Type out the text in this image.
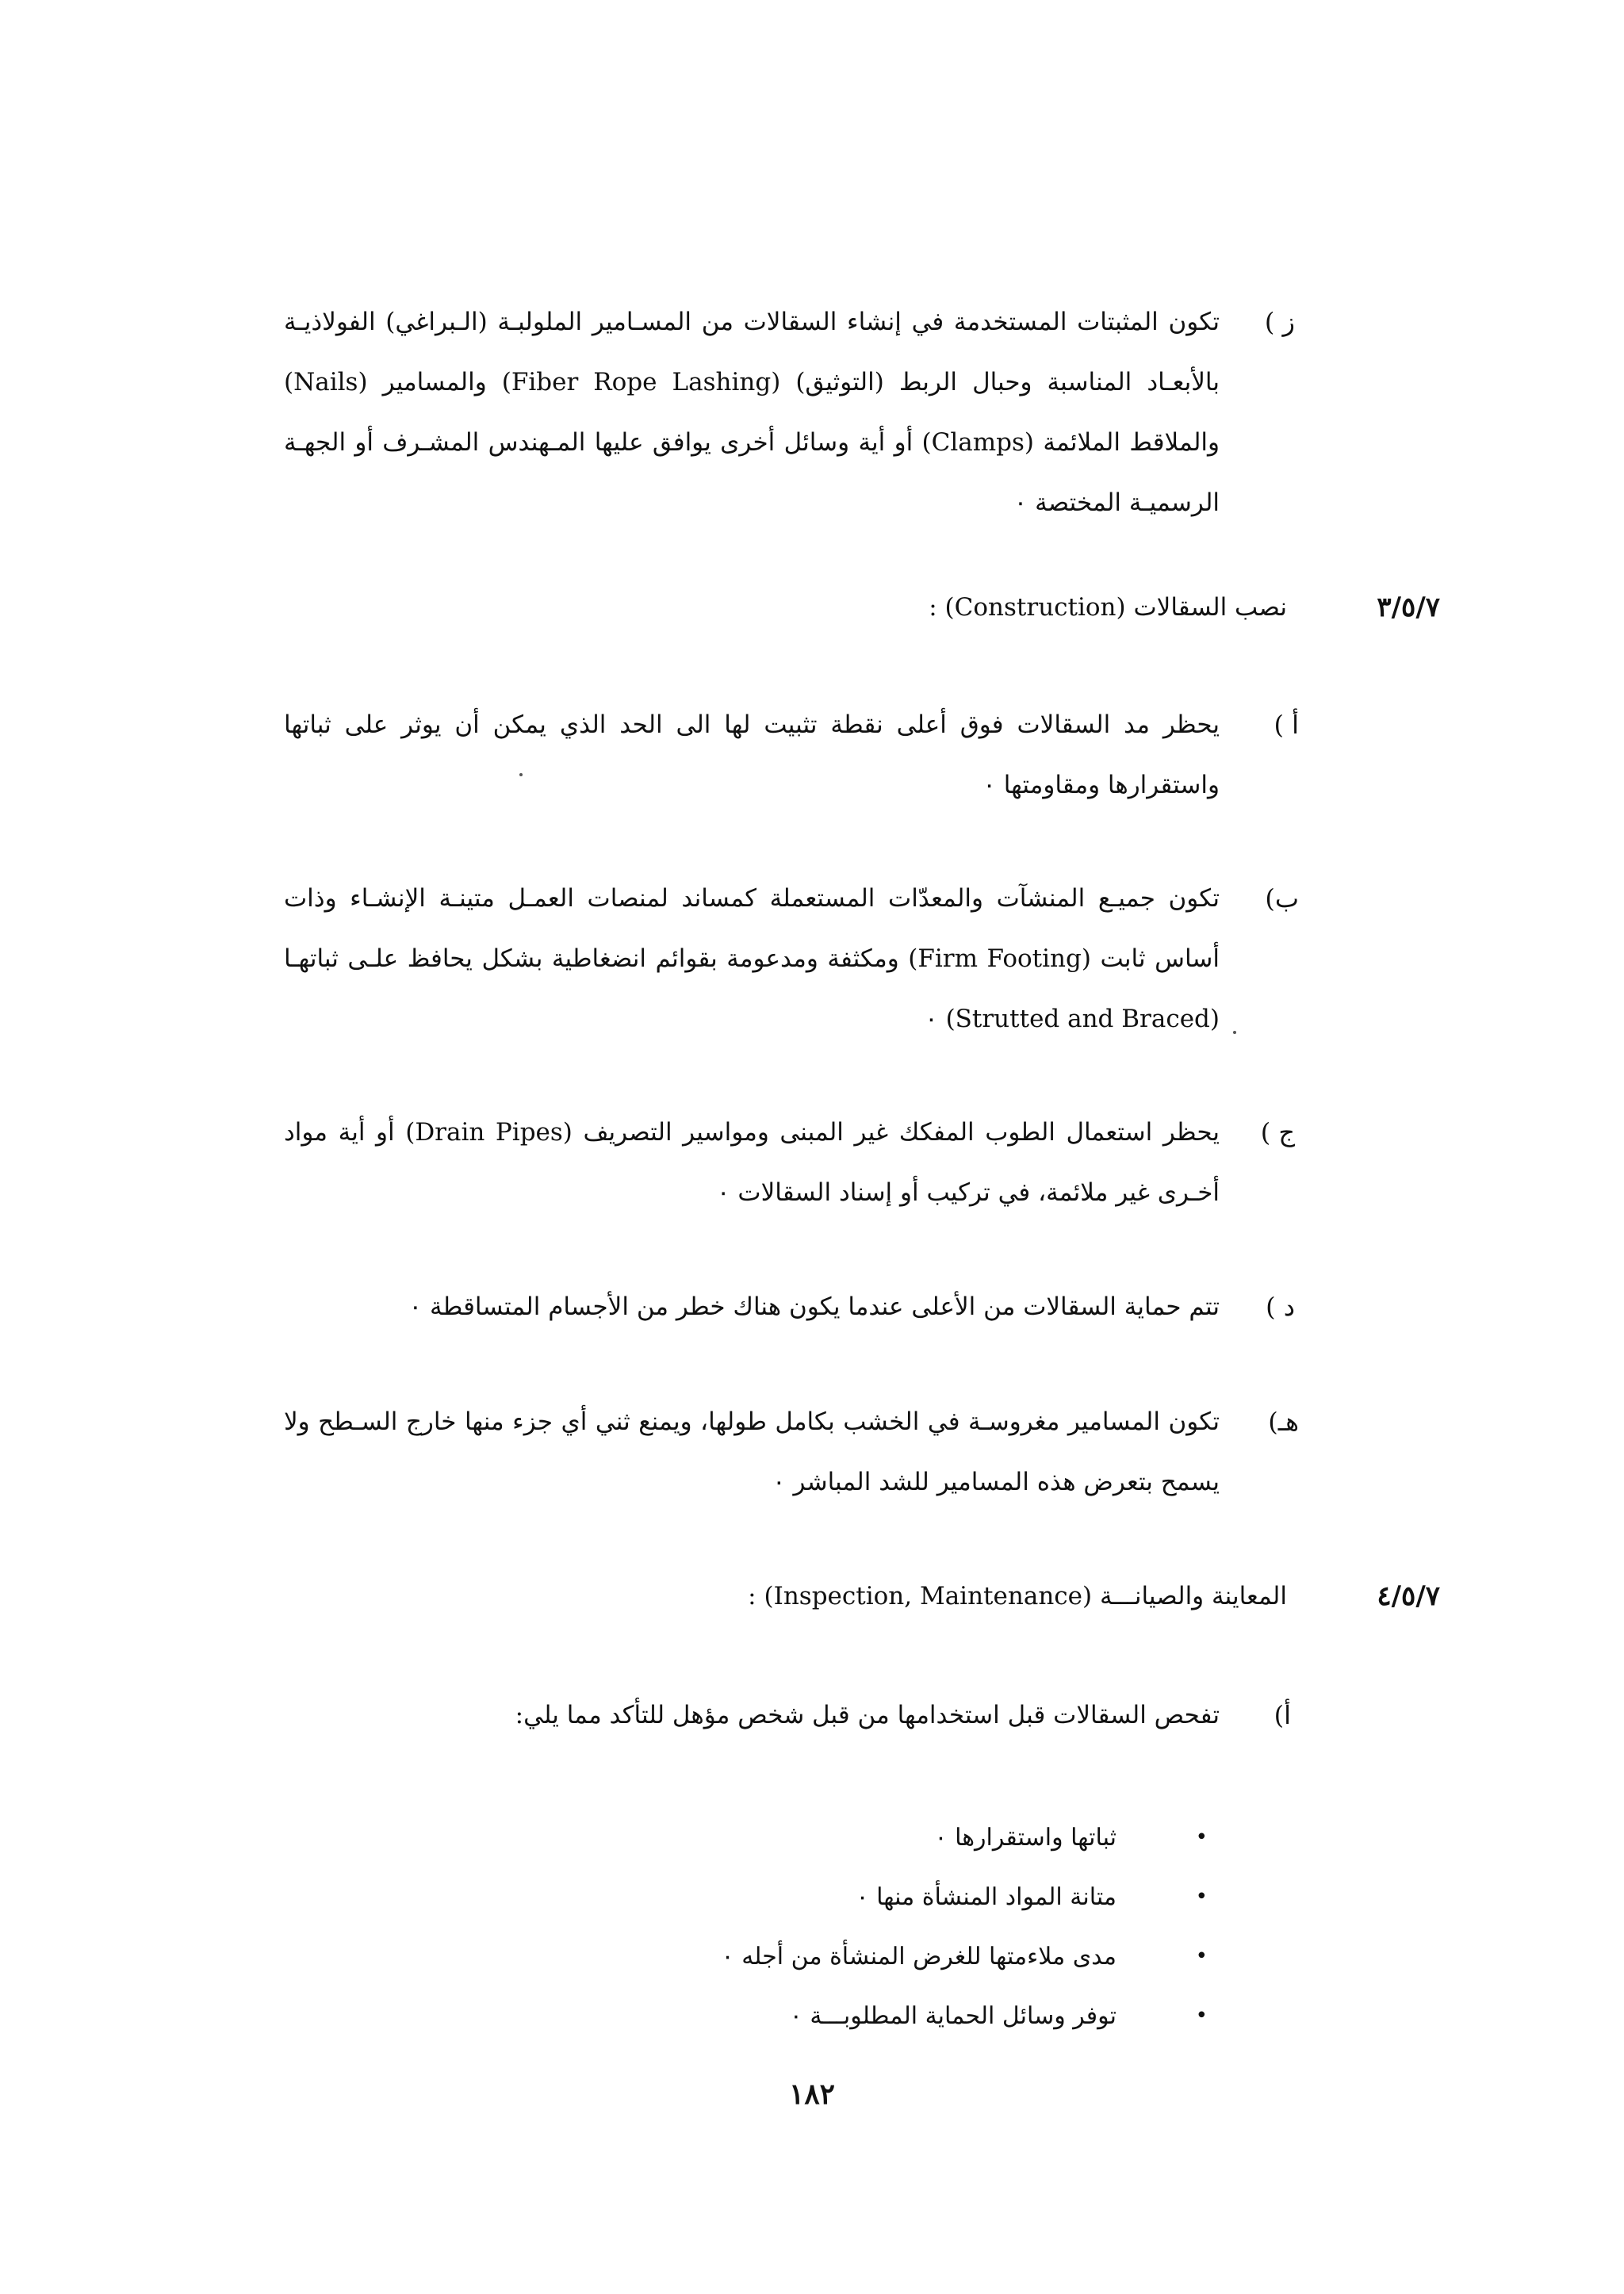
ز )

تكون المثبتات المستخدمة في إنشاء السقالات من المسـامير الملولبـة (الـبراغي) الفولاذيـة بالأبعـاد المناسبة وحبال الربط (التوثيق) (Fiber Rope Lashing) والمسامير (Nails) والملاقط الملائمة (Clamps) أو أية وسائل أخرى يوافق عليها المـهندس المشـرف أو الجهـة الرسميـة المختصة ٠

٣/٥/٧
نصب السقالات (Construction) :
أ )

يحظر مد السقالات فوق أعلى نقطة تثبيت لها الى الحد الذي يمكن أن يوثر على ثباتها واستقرارها ومقاومتها ٠

ب)

تكون جميـع المنشآت والمعدّات المستعملة كمساند لمنصات العمـل متينـة الإنشـاء وذات أساس ثابت (Firm Footing) ومكثفة ومدعومة بقوائم انضغاطية بشكل يحافظ علـى ثباتهـا (Strutted and Braced) ٠

ج )

يحظر استعمال الطوب المفكك غير المبنى ومواسير التصريف (Drain Pipes) أو أية مواد أخـرى غير ملائمة، في تركيب أو إسناد السقالات ٠

د )

تتم حماية السقالات من الأعلى عندما يكون هناك خطر من الأجسام المتساقطة ٠

هـ)

تكون المسامير مغروسـة في الخشب بكامل طولها، ويمنع ثني أي جزء منها خارج السـطح ولا يسمح بتعرض هذه المسامير للشد المباشر ٠

٤/٥/٧
المعاينة والصيانـــة (Inspection, Maintenance) :
أ)

تفحص السقالات قبل استخدامها من قبل شخص مؤهل للتأكد مما يلي:

•
ثباتها واستقرارها ٠
•
متانة المواد المنشأة منها ٠
•
مدى ملاءمتها للغرض المنشأة من أجله ٠
•
توفر وسائل الحماية المطلوبـــة ٠
١٨٢
